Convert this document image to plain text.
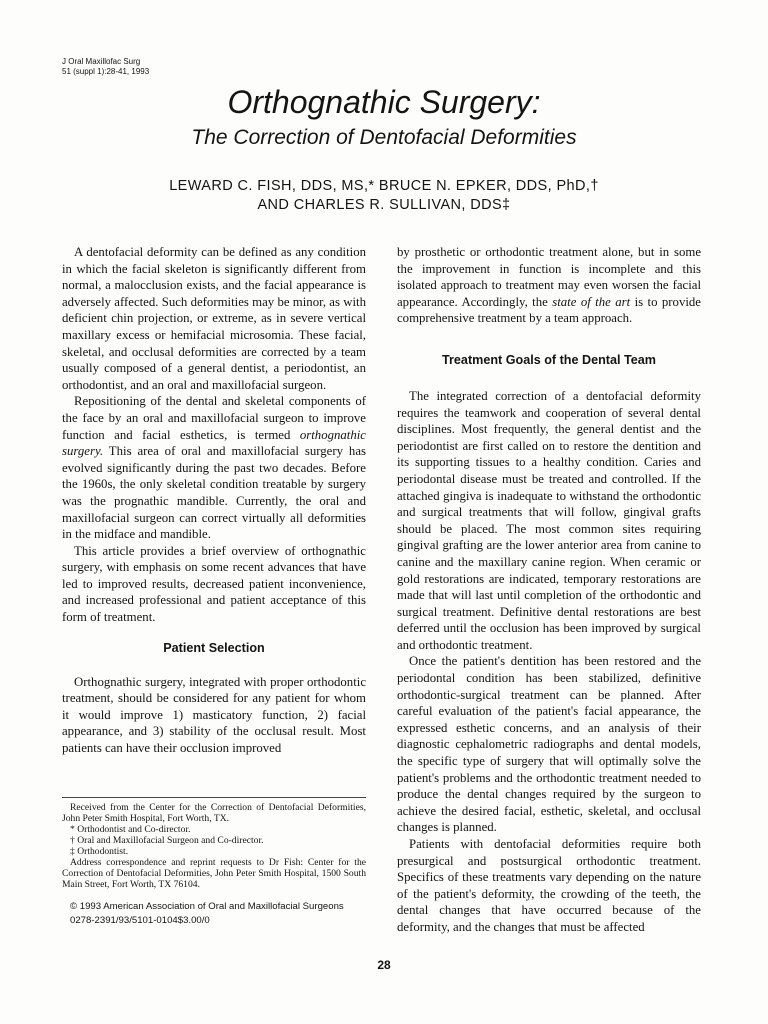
J Oral Maxillofac Surg
51 (suppl 1):28-41, 1993
Orthognathic Surgery:
The Correction of Dentofacial Deformities
LEWARD C. FISH, DDS, MS,* BRUCE N. EPKER, DDS, PhD,†
AND CHARLES R. SULLIVAN, DDS‡

A dentofacial deformity can be defined as any condition in which the facial skeleton is significantly different from normal, a malocclusion exists, and the facial appearance is adversely affected. Such deformities may be minor, as with deficient chin projection, or extreme, as in severe vertical maxillary excess or hemifacial microsomia. These facial, skeletal, and occlusal deformities are corrected by a team usually composed of a general dentist, a periodontist, an orthodontist, and an oral and maxillofacial surgeon.

Repositioning of the dental and skeletal components of the face by an oral and maxillofacial surgeon to improve function and facial esthetics, is termed orthognathic surgery. This area of oral and maxillofacial surgery has evolved significantly during the past two decades. Before the 1960s, the only skeletal condition treatable by surgery was the prognathic mandible. Currently, the oral and maxillofacial surgeon can correct virtually all deformities in the midface and mandible.

This article provides a brief overview of orthognathic surgery, with emphasis on some recent advances that have led to improved results, decreased patient inconvenience, and increased professional and patient acceptance of this form of treatment.

Patient Selection

Orthognathic surgery, integrated with proper orthodontic treatment, should be considered for any patient for whom it would improve 1) masticatory function, 2) facial appearance, and 3) stability of the occlusal result. Most patients can have their occlusion improved

by prosthetic or orthodontic treatment alone, but in some the improvement in function is incomplete and this isolated approach to treatment may even worsen the facial appearance. Accordingly, the state of the art is to provide comprehensive treatment by a team approach.

Treatment Goals of the Dental Team

The integrated correction of a dentofacial deformity requires the teamwork and cooperation of several dental disciplines. Most frequently, the general dentist and the periodontist are first called on to restore the dentition and its supporting tissues to a healthy condition. Caries and periodontal disease must be treated and controlled. If the attached gingiva is inadequate to withstand the orthodontic and surgical treatments that will follow, gingival grafts should be placed. The most common sites requiring gingival grafting are the lower anterior area from canine to canine and the maxillary canine region. When ceramic or gold restorations are indicated, temporary restorations are made that will last until completion of the orthodontic and surgical treatment. Definitive dental restorations are best deferred until the occlusion has been improved by surgical and orthodontic treatment.

Once the patient's dentition has been restored and the periodontal condition has been stabilized, definitive orthodontic-surgical treatment can be planned. After careful evaluation of the patient's facial appearance, the expressed esthetic concerns, and an analysis of their diagnostic cephalometric radiographs and dental models, the specific type of surgery that will optimally solve the patient's problems and the orthodontic treatment needed to produce the dental changes required by the surgeon to achieve the desired facial, esthetic, skeletal, and occlusal changes is planned.

Patients with dentofacial deformities require both presurgical and postsurgical orthodontic treatment. Specifics of these treatments vary depending on the nature of the patient's deformity, the crowding of the teeth, the dental changes that have occurred because of the deformity, and the changes that must be affected

Received from the Center for the Correction of Dentofacial Deformities, John Peter Smith Hospital, Fort Worth, TX.
* Orthodontist and Co-director.
† Oral and Maxillofacial Surgeon and Co-director.
‡ Orthodontist.
Address correspondence and reprint requests to Dr Fish: Center for the Correction of Dentofacial Deformities, John Peter Smith Hospital, 1500 South Main Street, Fort Worth, TX 76104.
© 1993 American Association of Oral and Maxillofacial Surgeons
0278-2391/93/5101-0104$3.00/0
28
